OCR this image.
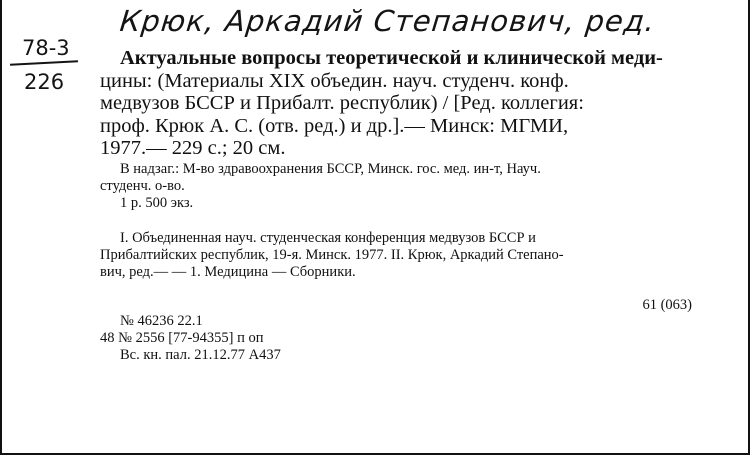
Крюк, Аркадий Степанович, ред.
78-3
226
Актуальные вопросы теоретической и клинической меди-
цины: (Материалы XIX объедин. науч. студенч. конф.
медвузов БССР и Прибалт. республик) / [Ред. коллегия:
проф. Крюк А. С. (отв. ред.) и др.].— Минск: МГМИ,
1977.— 229 с.; 20 см.
В надзаг.: М-во здравоохранения БССР, Минск. гос. мед. ин-т, Науч.
студенч. о-во.
1 р. 500 экз.
I. Объединенная науч. студенческая конференция медвузов БССР и
Прибалтийских республик, 19-я. Минск. 1977. II. Крюк, Аркадий Степано-
вич, ред.— — 1. Медицина — Сборники.
61 (063)
№ 46236 22.1
48 № 2556 [77-94355] п оп
Вс. кн. пал. 21.12.77 А437
